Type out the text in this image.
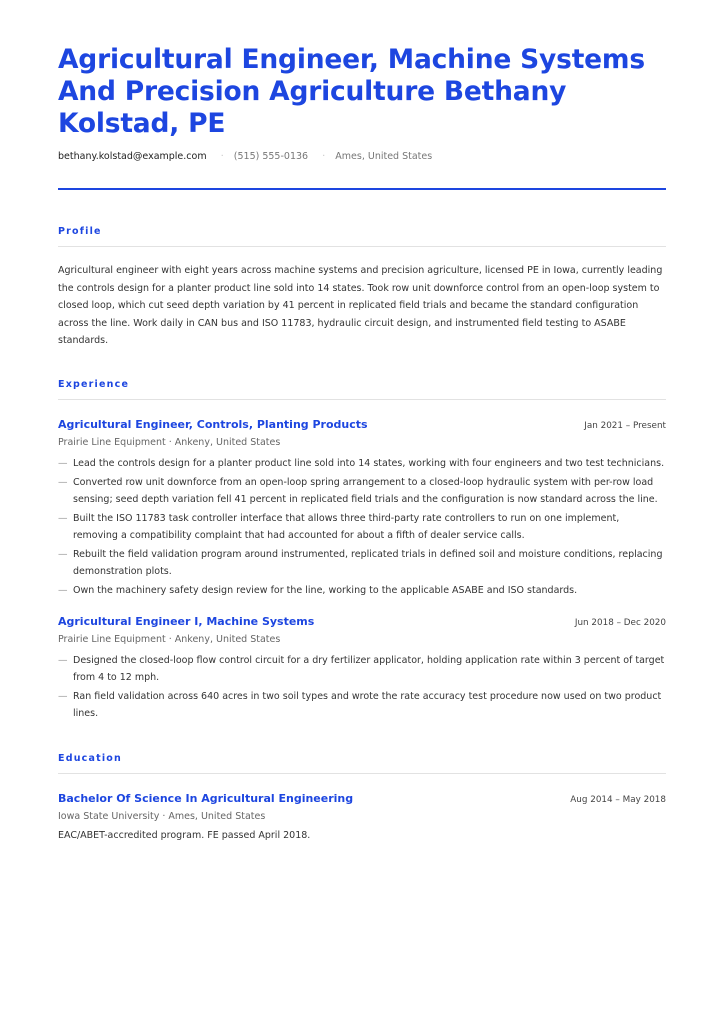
Agricultural Engineer, Machine Systems And Precision Agriculture Bethany Kolstad, PE
bethany.kolstad@example.com · (515) 555-0136 · Ames, United States
Profile
Agricultural engineer with eight years across machine systems and precision agriculture, licensed PE in Iowa, currently leading the controls design for a planter product line sold into 14 states. Took row unit downforce control from an open-loop system to closed loop, which cut seed depth variation by 41 percent in replicated field trials and became the standard configuration across the line. Work daily in CAN bus and ISO 11783, hydraulic circuit design, and instrumented field testing to ASABE standards.
Experience
Agricultural Engineer, Controls, Planting Products	Jan 2021 – Present
Prairie Line Equipment · Ankeny, United States
— Lead the controls design for a planter product line sold into 14 states, working with four engineers and two test technicians.
— Converted row unit downforce from an open-loop spring arrangement to a closed-loop hydraulic system with per-row load sensing; seed depth variation fell 41 percent in replicated field trials and the configuration is now standard across the line.
— Built the ISO 11783 task controller interface that allows three third-party rate controllers to run on one implement, removing a compatibility complaint that had accounted for about a fifth of dealer service calls.
— Rebuilt the field validation program around instrumented, replicated trials in defined soil and moisture conditions, replacing demonstration plots.
— Own the machinery safety design review for the line, working to the applicable ASABE and ISO standards.
Agricultural Engineer I, Machine Systems	Jun 2018 – Dec 2020
Prairie Line Equipment · Ankeny, United States
— Designed the closed-loop flow control circuit for a dry fertilizer applicator, holding application rate within 3 percent of target from 4 to 12 mph.
— Ran field validation across 640 acres in two soil types and wrote the rate accuracy test procedure now used on two product lines.
Education
Bachelor Of Science In Agricultural Engineering	Aug 2014 – May 2018
Iowa State University · Ames, United States
EAC/ABET-accredited program. FE passed April 2018.
